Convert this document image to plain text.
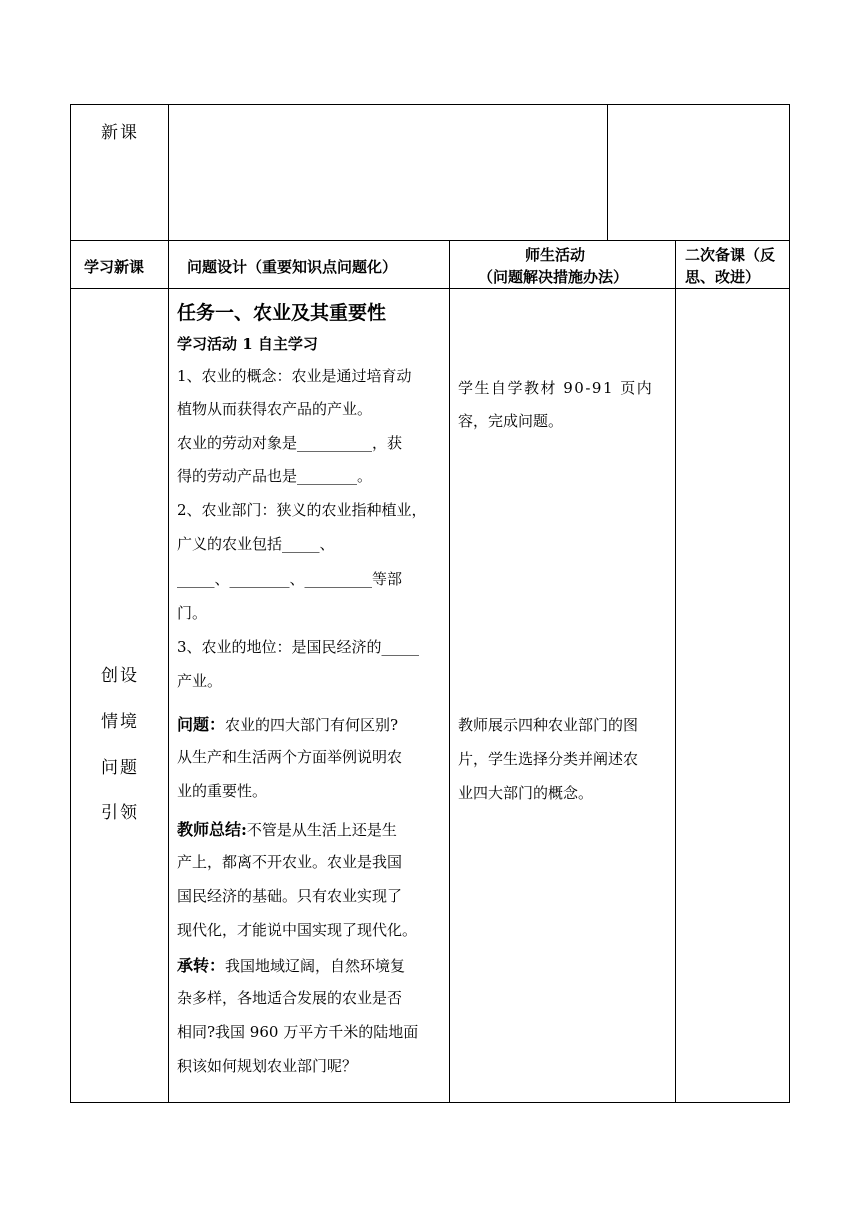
新课
学习新课	问题设计（重要知识点问题化）
师生活动
（问题解决措施办法）
二次备课（反
思、改进）
创设
情境
问题
引领
任务一、农业及其重要性
学习活动 1 自主学习
1、农业的概念：农业是通过培育动
植物从而获得农产品的产业。
农业的劳动对象是__________，获
得的劳动产品也是________。
2、农业部门：狭义的农业指种植业，
广义的农业包括_____、
_____、________、_________等部
门。
3、农业的地位：是国民经济的_____
产业。
问题：农业的四大部门有何区别?
从生产和生活两个方面举例说明农
业的重要性。
教师总结:不管是从生活上还是生
产上，都离不开农业。农业是我国
国民经济的基础。只有农业实现了
现代化，才能说中国实现了现代化。
承转：我国地域辽阔，自然环境复
杂多样，各地适合发展的农业是否
相同?我国 960 万平方千米的陆地面
积该如何规划农业部门呢？
学生自学教材 90-91 页内
容，完成问题。
教师展示四种农业部门的图
片，学生选择分类并阐述农
业四大部门的概念。
